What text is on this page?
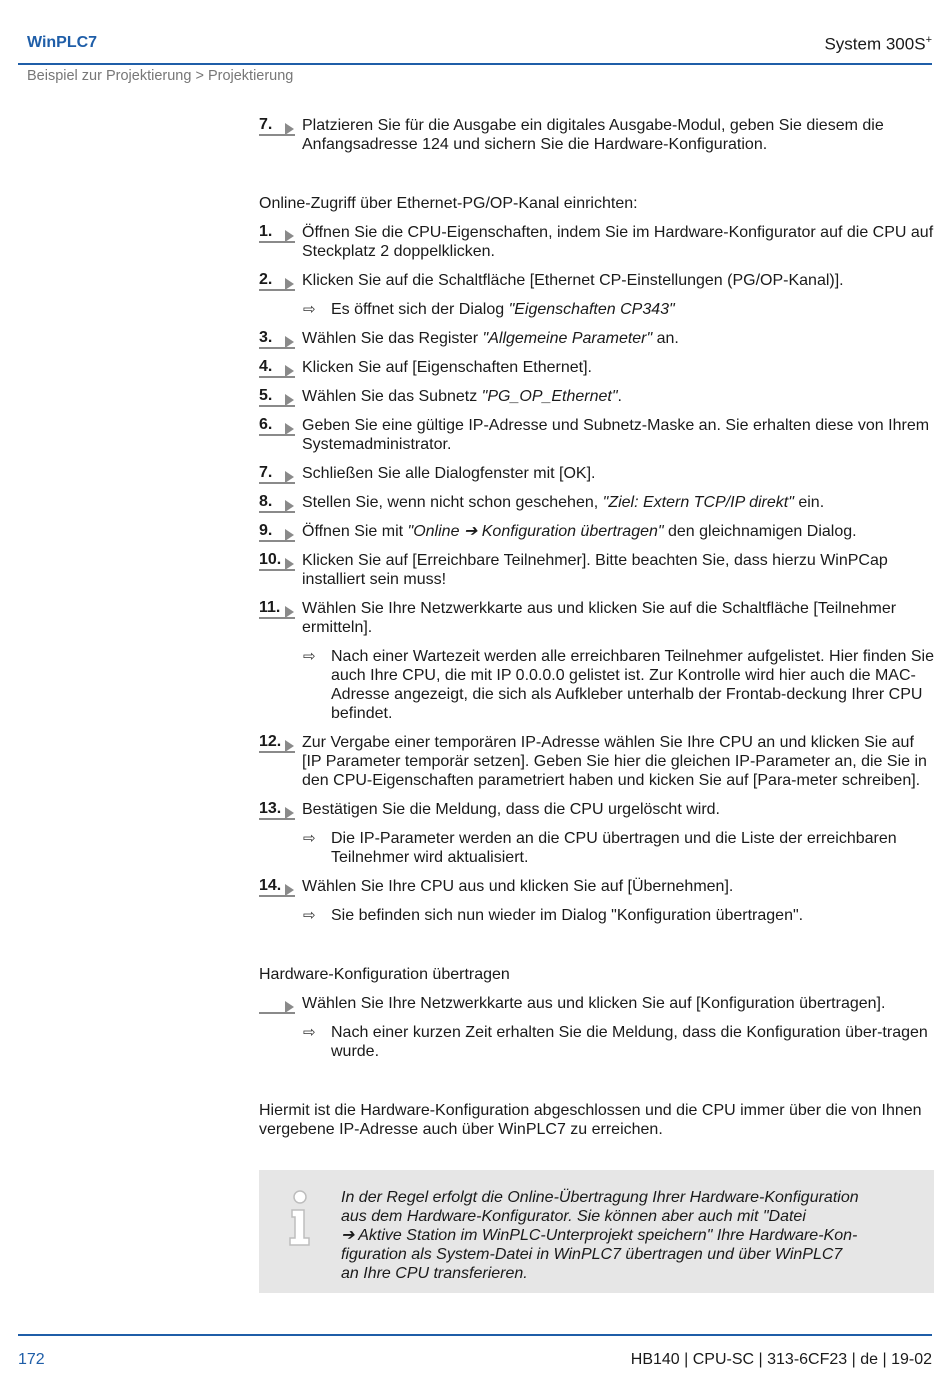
WinPLC7	System 300S+
Beispiel zur Projektierung > Projektierung
7.	Platzieren Sie für die Ausgabe ein digitales Ausgabe-Modul, geben Sie diesem die Anfangsadresse 124 und sichern Sie die Hardware-Konfiguration.
Online-Zugriff über Ethernet-PG/OP-Kanal einrichten:
1.	Öffnen Sie die CPU-Eigenschaften, indem Sie im Hardware-Konfigurator auf die CPU auf Steckplatz 2 doppelklicken.
2.	Klicken Sie auf die Schaltfläche [Ethernet CP-Einstellungen (PG/OP-Kanal)].
⇨ Es öffnet sich der Dialog "Eigenschaften CP343"
3.	Wählen Sie das Register "Allgemeine Parameter" an.
4.	Klicken Sie auf [Eigenschaften Ethernet].
5.	Wählen Sie das Subnetz "PG_OP_Ethernet".
6.	Geben Sie eine gültige IP-Adresse und Subnetz-Maske an. Sie erhalten diese von Ihrem Systemadministrator.
7.	Schließen Sie alle Dialogfenster mit [OK].
8.	Stellen Sie, wenn nicht schon geschehen, "Ziel: Extern TCP/IP direkt" ein.
9.	Öffnen Sie mit "Online ➔ Konfiguration übertragen" den gleichnamigen Dialog.
10.	Klicken Sie auf [Erreichbare Teilnehmer]. Bitte beachten Sie, dass hierzu WinPCap installiert sein muss!
11.	Wählen Sie Ihre Netzwerkkarte aus und klicken Sie auf die Schaltfläche [Teilnehmer ermitteln].
⇨ Nach einer Wartezeit werden alle erreichbaren Teilnehmer aufgelistet. Hier finden Sie auch Ihre CPU, die mit IP 0.0.0.0 gelistet ist. Zur Kontrolle wird hier auch die MAC-Adresse angezeigt, die sich als Aufkleber unterhalb der Frontab-deckung Ihrer CPU befindet.
12.	Zur Vergabe einer temporären IP-Adresse wählen Sie Ihre CPU an und klicken Sie auf [IP Parameter temporär setzen]. Geben Sie hier die gleichen IP-Parameter an, die Sie in den CPU-Eigenschaften parametriert haben und kicken Sie auf [Para-meter schreiben].
13.	Bestätigen Sie die Meldung, dass die CPU urgelöscht wird.
⇨ Die IP-Parameter werden an die CPU übertragen und die Liste der erreichbaren Teilnehmer wird aktualisiert.
14.	Wählen Sie Ihre CPU aus und klicken Sie auf [Übernehmen].
⇨ Sie befinden sich nun wieder im Dialog "Konfiguration übertragen".
Hardware-Konfiguration übertragen
Wählen Sie Ihre Netzwerkkarte aus und klicken Sie auf [Konfiguration übertragen].
⇨ Nach einer kurzen Zeit erhalten Sie die Meldung, dass die Konfiguration über-tragen wurde.
Hiermit ist die Hardware-Konfiguration abgeschlossen und die CPU immer über die von Ihnen vergebene IP-Adresse auch über WinPLC7 zu erreichen.
In der Regel erfolgt die Online-Übertragung Ihrer Hardware-Konfiguration
aus dem Hardware-Konfigurator. Sie können aber auch mit "Datei
➔ Aktive Station im WinPLC-Unterprojekt speichern" Ihre Hardware-Kon-
figuration als System-Datei in WinPLC7 übertragen und über WinPLC7
an Ihre CPU transferieren.
172	HB140 | CPU-SC | 313-6CF23 | de | 19-02
